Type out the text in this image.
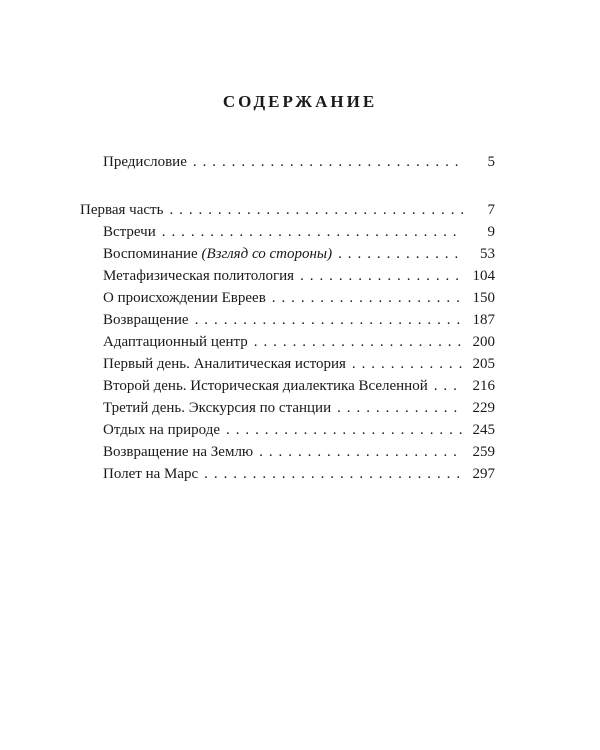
СОДЕРЖАНИЕ
Предисловие . . .	5
Первая часть . . .	7
Встречи . . .	9
Воспоминание (Взгляд со стороны) . . .	53
Метафизическая политология . . .	104
О происхождении Евреев . . .	150
Возвращение . . .	187
Адаптационный центр . . .	200
Первый день. Аналитическая история . . .	205
Второй день. Историческая диалектика Вселенной . . .	216
Третий день. Экскурсия по станции . . .	229
Отдых на природе . . .	245
Возвращение на Землю . . .	259
Полет на Марс . . .	297
